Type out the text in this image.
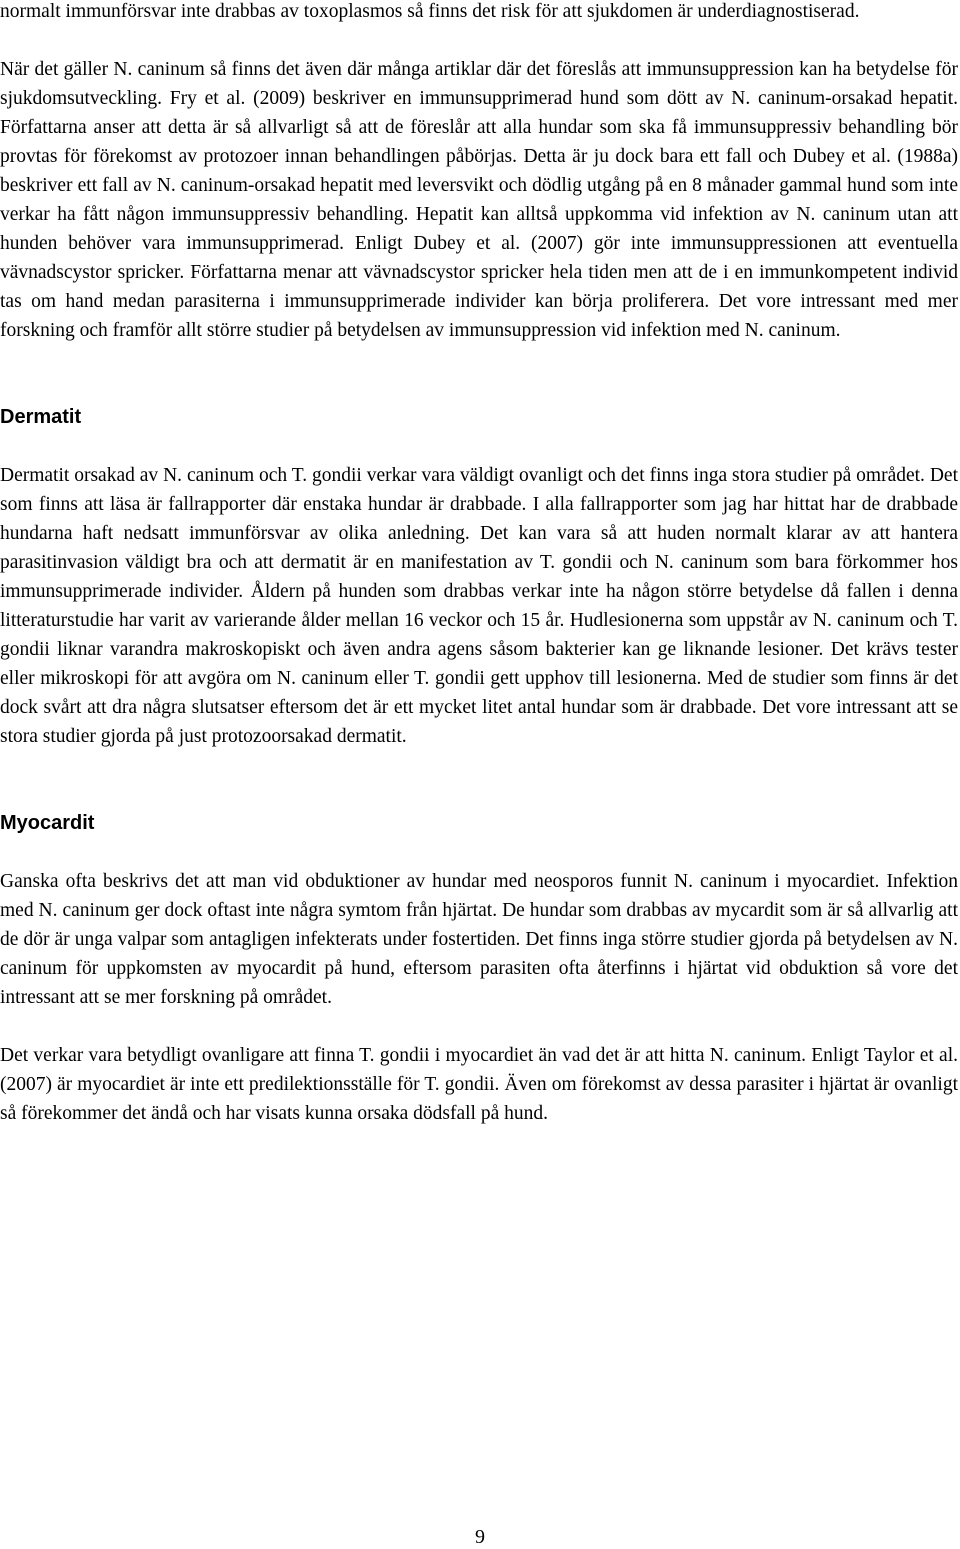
normalt immunförsvar inte drabbas av toxoplasmos så finns det risk för att sjukdomen är underdiagnostiserad.

När det gäller N. caninum så finns det även där många artiklar där det föreslås att immunsuppression kan ha betydelse för sjukdomsutveckling. Fry et al. (2009) beskriver en immunsupprimerad hund som dött av N. caninum-orsakad hepatit. Författarna anser att detta är så allvarligt så att de föreslår att alla hundar som ska få immunsuppressiv behandling bör provtas för förekomst av protozoer innan behandlingen påbörjas. Detta är ju dock bara ett fall och Dubey et al. (1988a) beskriver ett fall av N. caninum-orsakad hepatit med leversvikt och dödlig utgång på en 8 månader gammal hund som inte verkar ha fått någon immunsuppressiv behandling. Hepatit kan alltså uppkomma vid infektion av N. caninum utan att hunden behöver vara immunsupprimerad. Enligt Dubey et al. (2007) gör inte immunsuppressionen att eventuella vävnadscystor spricker. Författarna menar att vävnadscystor spricker hela tiden men att de i en immunkompetent individ tas om hand medan parasiterna i immunsupprimerade individer kan börja proliferera. Det vore intressant med mer forskning och framför allt större studier på betydelsen av immunsuppression vid infektion med N. caninum.

Dermatit

Dermatit orsakad av N. caninum och T. gondii verkar vara väldigt ovanligt och det finns inga stora studier på området. Det som finns att läsa är fallrapporter där enstaka hundar är drabbade. I alla fallrapporter som jag har hittat har de drabbade hundarna haft nedsatt immunförsvar av olika anledning. Det kan vara så att huden normalt klarar av att hantera parasitinvasion väldigt bra och att dermatit är en manifestation av T. gondii och N. caninum som bara förkommer hos immunsupprimerade individer. Åldern på hunden som drabbas verkar inte ha någon större betydelse då fallen i denna litteraturstudie har varit av varierande ålder mellan 16 veckor och 15 år. Hudlesionerna som uppstår av N. caninum och T. gondii liknar varandra makroskopiskt och även andra agens såsom bakterier kan ge liknande lesioner. Det krävs tester eller mikroskopi för att avgöra om N. caninum eller T. gondii gett upphov till lesionerna. Med de studier som finns är det dock svårt att dra några slutsatser eftersom det är ett mycket litet antal hundar som är drabbade. Det vore intressant att se stora studier gjorda på just protozoorsakad dermatit.

Myocardit

Ganska ofta beskrivs det att man vid obduktioner av hundar med neosporos funnit N. caninum i myocardiet. Infektion med N. caninum ger dock oftast inte några symtom från hjärtat. De hundar som drabbas av mycardit som är så allvarlig att de dör är unga valpar som antagligen infekterats under fostertiden. Det finns inga större studier gjorda på betydelsen av N. caninum för uppkomsten av myocardit på hund, eftersom parasiten ofta återfinns i hjärtat vid obduktion så vore det intressant att se mer forskning på området.

Det verkar vara betydligt ovanligare att finna T. gondii i myocardiet än vad det är att hitta N. caninum. Enligt Taylor et al. (2007) är myocardiet är inte ett predilektionsställe för T. gondii. Även om förekomst av dessa parasiter i hjärtat är ovanligt så förekommer det ändå och har visats kunna orsaka dödsfall på hund.

9
